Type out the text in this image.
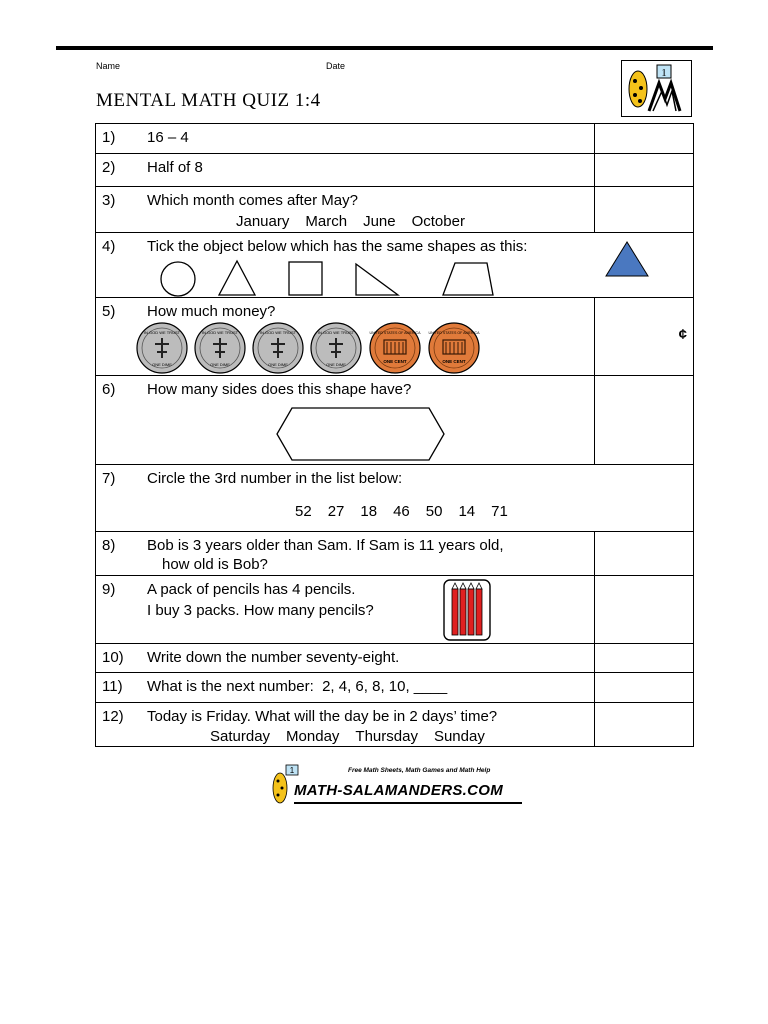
Name	Date
MENTAL MATH QUIZ 1:4
1
1) 16 – 4
2) Half of 8
3) Which month comes after May?
January March June October
4) Tick the object below which has the same shapes as this:
5) How much money?
IN GOD WE TRUST
ONE DIME
IN GOD WE TRUST
ONE DIME
IN GOD WE TRUST
ONE DIME
IN GOD WE TRUST
ONE DIME
UNITED STATES OF AMERICA
ONE CENT
UNITED STATES OF AMERICA
ONE CENT
¢
6) How many sides does this shape have?
7) Circle the 3rd number in the list below:
52 27 18 46 50 14 71
8) Bob is 3 years older than Sam. If Sam is 11 years old,
how old is Bob?
9) A pack of pencils has 4 pencils.
I buy 3 packs. How many pencils?
10) Write down the number seventy-eight.
11) What is the next number:  2, 4, 6, 8, 10, ____
12) Today is Friday. What will the day be in 2 days’ time?
Saturday Monday Thursday Sunday
1	Free Math Sheets, Math Games and Math Help
MATH-SALAMANDERS.COM
